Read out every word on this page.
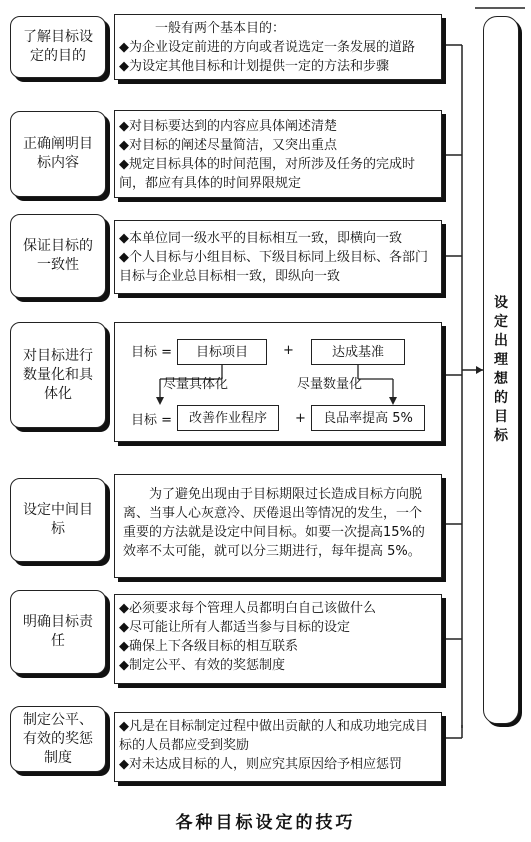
了解目标设定的目的
一般有两个基本目的：
◆为企业设定前进的方向或者说选定一条发展的道路
◆为设定其他目标和计划提供一定的方法和步骤
正确阐明目标内容
◆对目标要达到的内容应具体阐述清楚
◆对目标的阐述尽量简洁，又突出重点
◆规定目标具体的时间范围，对所涉及任务的完成时间，都应有具体的时间界限规定
保证目标的一致性
◆本单位同一级水平的目标相互一致，即横向一致
◆个人目标与小组目标、下级目标同上级目标、各部门目标与企业总目标相一致，即纵向一致
对目标进行数量化和具体化
目标 = 目标项目	+	达成基准
尽量具体化	尽量数量化
目标 = 改善作业程序 + 良品率提高 5%
设定中间目标
为了避免出现由于目标期限过长造成目标方向脱离、当事人心灰意冷、厌倦退出等情况的发生，一个重要的方法就是设定中间目标。如要一次提高15%的效率不太可能，就可以分三期进行，每年提高 5%。
明确目标责任
◆必须要求每个管理人员都明白自己该做什么
◆尽可能让所有人都适当参与目标的设定
◆确保上下各级目标的相互联系
◆制定公平、有效的奖惩制度
制定公平、有效的奖惩制度
◆凡是在目标制定过程中做出贡献的人和成功地完成目标的人员都应受到奖励
◆对未达成目标的人，则应究其原因给予相应惩罚
设定出理想的目标
各种目标设定的技巧
